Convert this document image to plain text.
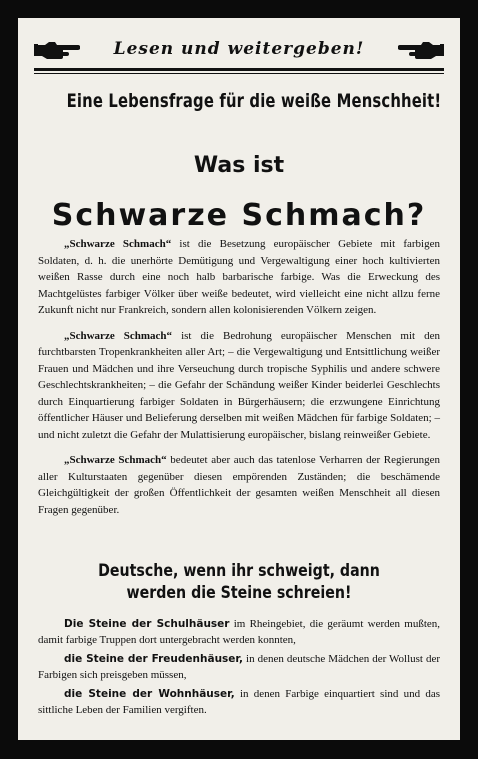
Lesen und weitergeben!
Eine Lebensfrage für die weiße Menschheit!
Was ist
Schwarze Schmach?

„Schwarze Schmach“ ist die Besetzung europäischer Gebiete mit farbigen Soldaten, d. h. die unerhörte Demütigung und Vergewaltigung einer hoch kultivierten weißen Rasse durch eine noch halb barbarische farbige. Was die Erweckung des Machtgelüstes farbiger Völker über weiße bedeutet, wird vielleicht eine nicht allzu ferne Zukunft nicht nur Frankreich, sondern allen kolonisierenden Völkern zeigen.

„Schwarze Schmach“ ist die Bedrohung europäischer Menschen mit den furchtbarsten Tropenkrankheiten aller Art; – die Vergewaltigung und Entsittlichung weißer Frauen und Mädchen und ihre Verseuchung durch tropische Syphilis und andere schwere Geschlechtskrankheiten; – die Gefahr der Schändung weißer Kinder beiderlei Geschlechts durch Einquartierung farbiger Soldaten in Bürgerhäusern; die erzwungene Einrichtung öffentlicher Häuser und Belieferung derselben mit weißen Mädchen für farbige Soldaten; – und nicht zuletzt die Gefahr der Mulattisierung europäischer, bislang reinweißer Gebiete.

„Schwarze Schmach“ bedeutet aber auch das tatenlose Verharren der Regierungen aller Kulturstaaten gegenüber diesen empörenden Zuständen; die beschämende Gleichgültigkeit der großen Öffentlichkeit der gesamten weißen Menschheit all diesen Fragen gegenüber.

Deutsche, wenn ihr schweigt, dann
werden die Steine schreien!

Die Steine der Schulhäuser im Rheingebiet, die geräumt werden mußten, damit farbige Truppen dort untergebracht werden konnten,

die Steine der Freudenhäuser, in denen deutsche Mädchen der Wollust der Farbigen sich preisgeben müssen,

die Steine der Wohnhäuser, in denen Farbige einquartiert sind und das sittliche Leben der Familien vergiften.
